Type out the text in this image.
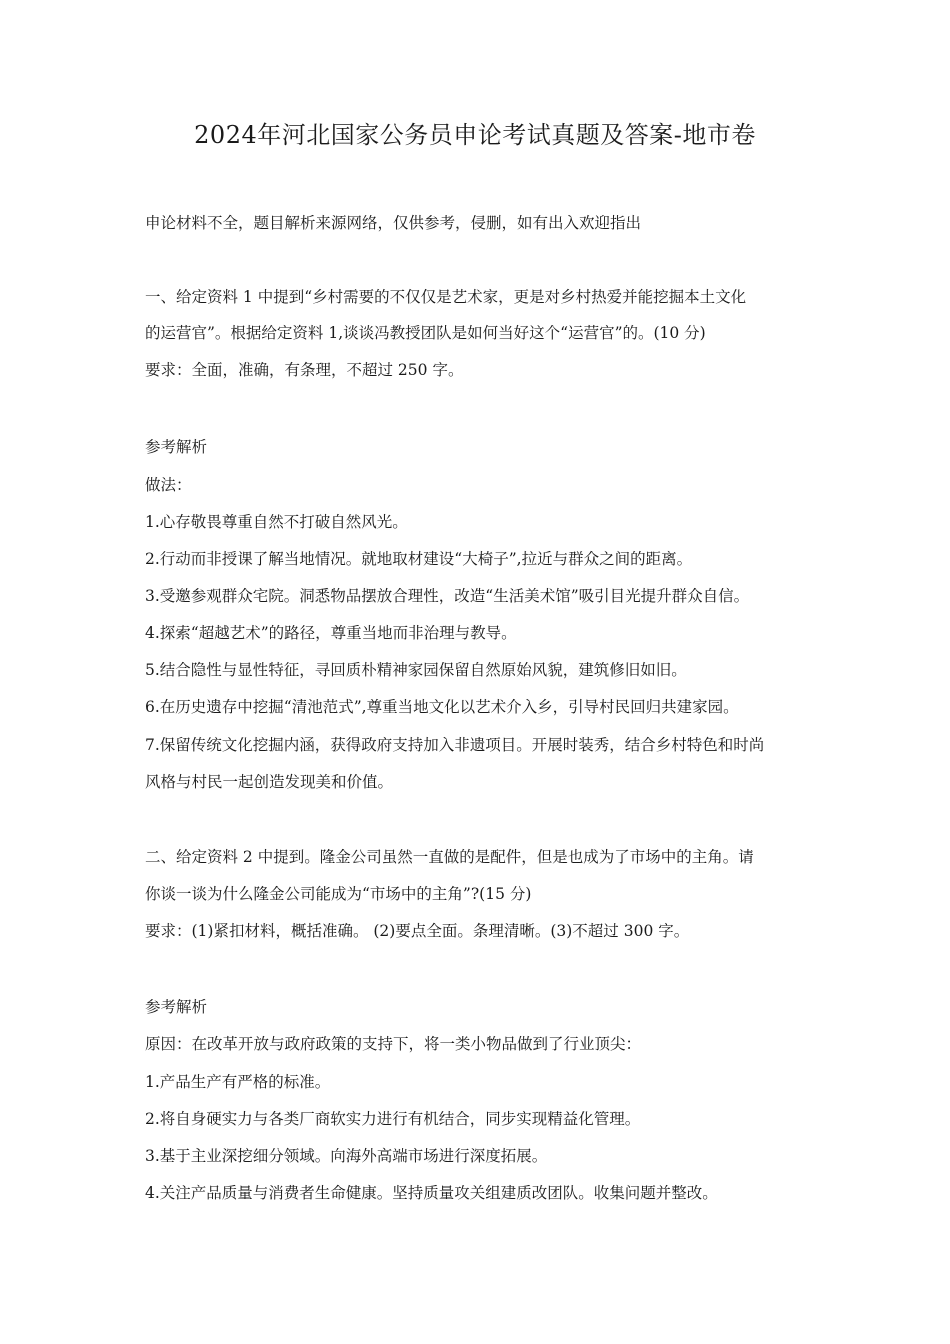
2024年河北国家公务员申论考试真题及答案-地市卷
申论材料不全，题目解析来源网络，仅供参考，侵删，如有出入欢迎指出
一、给定资料 1 中提到“乡村需要的不仅仅是艺术家，更是对乡村热爱并能挖掘本土文化
的运营官”。根据给定资料 1,谈谈冯教授团队是如何当好这个“运营官”的。(10 分)
要求：全面，准确，有条理，不超过 250 字。
参考解析
做法：
1.心存敬畏尊重自然不打破自然风光。
2.行动而非授课了解当地情况。就地取材建设“大椅子”,拉近与群众之间的距离。
3.受邀参观群众宅院。洞悉物品摆放合理性，改造“生活美术馆”吸引目光提升群众自信。
4.探索“超越艺术”的路径，尊重当地而非治理与教导。
5.结合隐性与显性特征，寻回质朴精神家园保留自然原始风貌，建筑修旧如旧。
6.在历史遗存中挖掘“清池范式”,尊重当地文化以艺术介入乡，引导村民回归共建家园。
7.保留传统文化挖掘内涵，获得政府支持加入非遗项目。开展时装秀，结合乡村特色和时尚
风格与村民一起创造发现美和价值。
二、给定资料 2 中提到。隆金公司虽然一直做的是配件，但是也成为了市场中的主角。请
你谈一谈为什么隆金公司能成为“市场中的主角”?(15 分)
要求：(1)紧扣材料，概括准确。 (2)要点全面。条理清晰。(3)不超过 300 字。
参考解析
原因：在改革开放与政府政策的支持下，将一类小物品做到了行业顶尖：
1.产品生产有严格的标准。
2.将自身硬实力与各类厂商软实力进行有机结合，同步实现精益化管理。
3.基于主业深挖细分领域。向海外高端市场进行深度拓展。
4.关注产品质量与消费者生命健康。坚持质量攻关组建质改团队。收集问题并整改。
